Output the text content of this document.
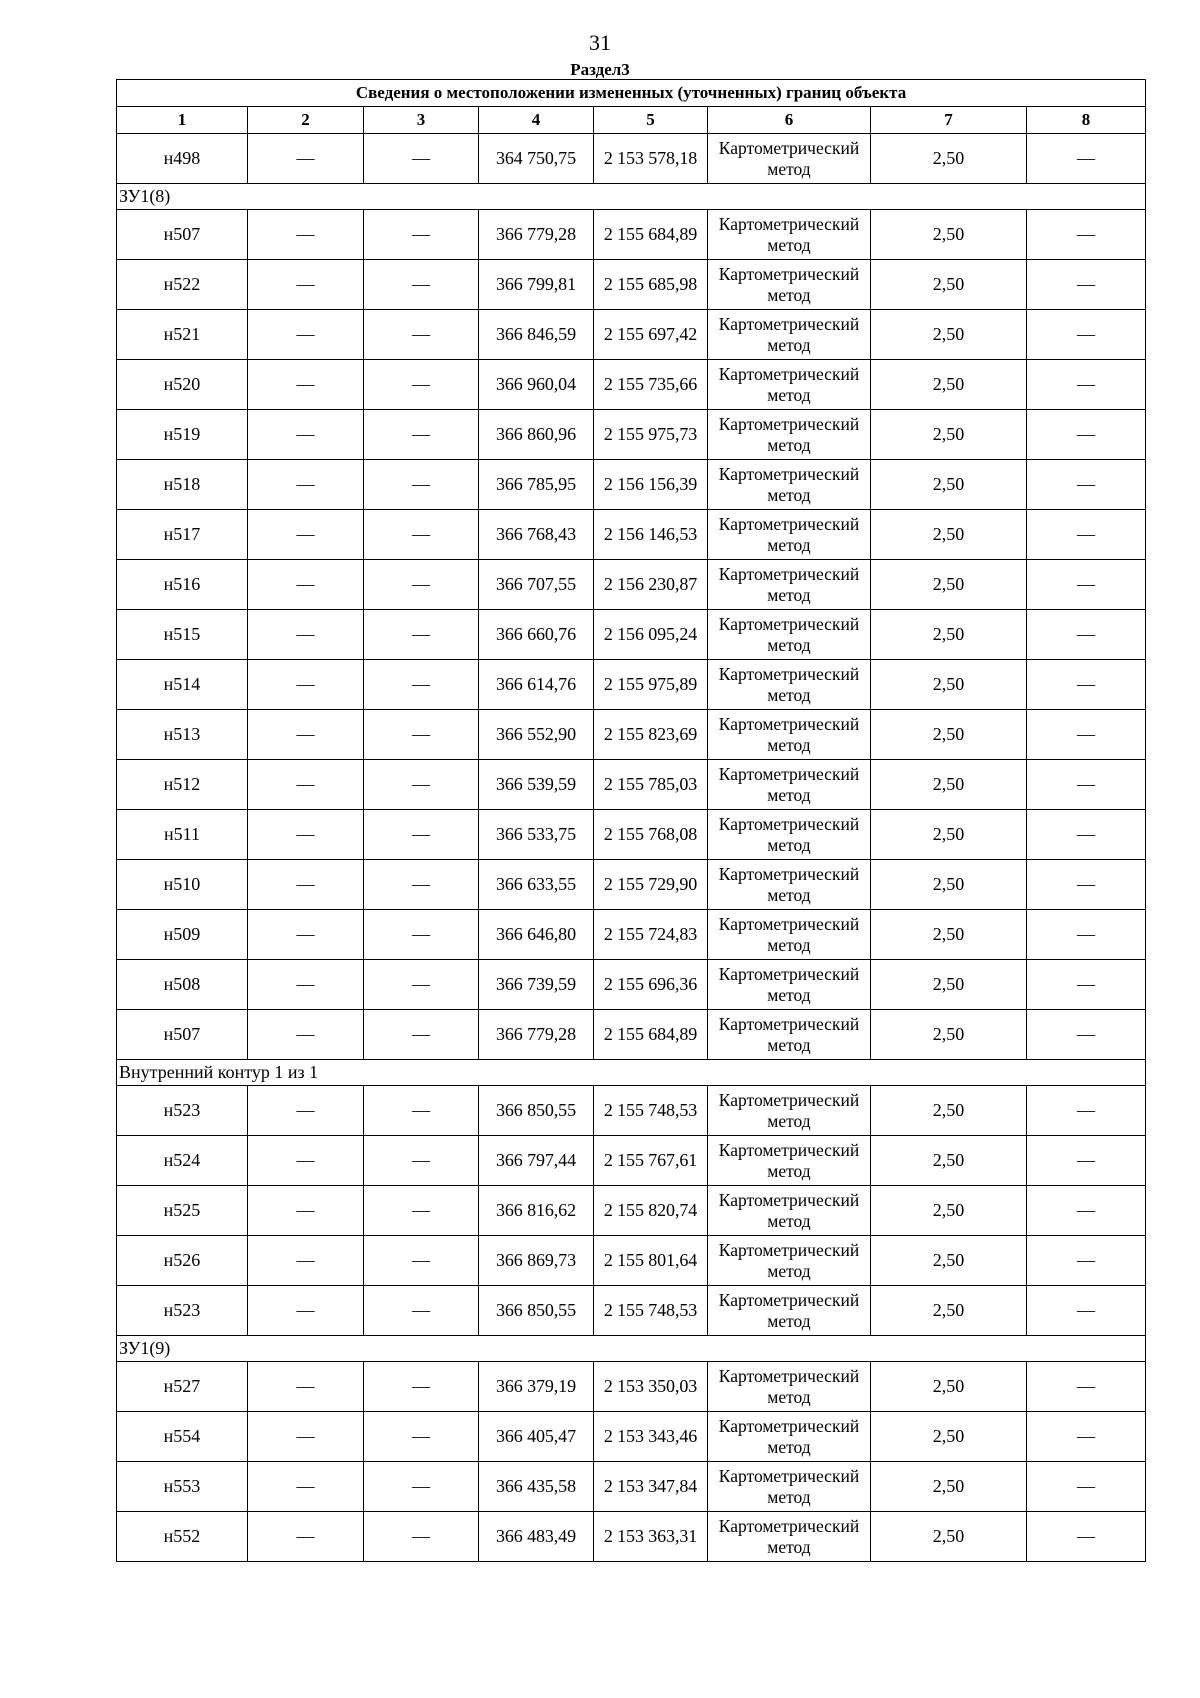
31
Раздел3
Сведения о местоположении измененных (уточненных) границ объекта							
1	2	3	4	5	6	7	8
н498	—	—	364 750,75	2 153 578,18	Картометрический метод	2,50	—
ЗУ1(8)							
н507	—	—	366 779,28	2 155 684,89	Картометрический метод	2,50	—
н522	—	—	366 799,81	2 155 685,98	Картометрический метод	2,50	—
н521	—	—	366 846,59	2 155 697,42	Картометрический метод	2,50	—
н520	—	—	366 960,04	2 155 735,66	Картометрический метод	2,50	—
н519	—	—	366 860,96	2 155 975,73	Картометрический метод	2,50	—
н518	—	—	366 785,95	2 156 156,39	Картометрический метод	2,50	—
н517	—	—	366 768,43	2 156 146,53	Картометрический метод	2,50	—
н516	—	—	366 707,55	2 156 230,87	Картометрический метод	2,50	—
н515	—	—	366 660,76	2 156 095,24	Картометрический метод	2,50	—
н514	—	—	366 614,76	2 155 975,89	Картометрический метод	2,50	—
н513	—	—	366 552,90	2 155 823,69	Картометрический метод	2,50	—
н512	—	—	366 539,59	2 155 785,03	Картометрический метод	2,50	—
н511	—	—	366 533,75	2 155 768,08	Картометрический метод	2,50	—
н510	—	—	366 633,55	2 155 729,90	Картометрический метод	2,50	—
н509	—	—	366 646,80	2 155 724,83	Картометрический метод	2,50	—
н508	—	—	366 739,59	2 155 696,36	Картометрический метод	2,50	—
н507	—	—	366 779,28	2 155 684,89	Картометрический метод	2,50	—
Внутренний контур 1 из 1							
н523	—	—	366 850,55	2 155 748,53	Картометрический метод	2,50	—
н524	—	—	366 797,44	2 155 767,61	Картометрический метод	2,50	—
н525	—	—	366 816,62	2 155 820,74	Картометрический метод	2,50	—
н526	—	—	366 869,73	2 155 801,64	Картометрический метод	2,50	—
н523	—	—	366 850,55	2 155 748,53	Картометрический метод	2,50	—
ЗУ1(9)							
н527	—	—	366 379,19	2 153 350,03	Картометрический метод	2,50	—
н554	—	—	366 405,47	2 153 343,46	Картометрический метод	2,50	—
н553	—	—	366 435,58	2 153 347,84	Картометрический метод	2,50	—
н552	—	—	366 483,49	2 153 363,31	Картометрический метод	2,50	—
